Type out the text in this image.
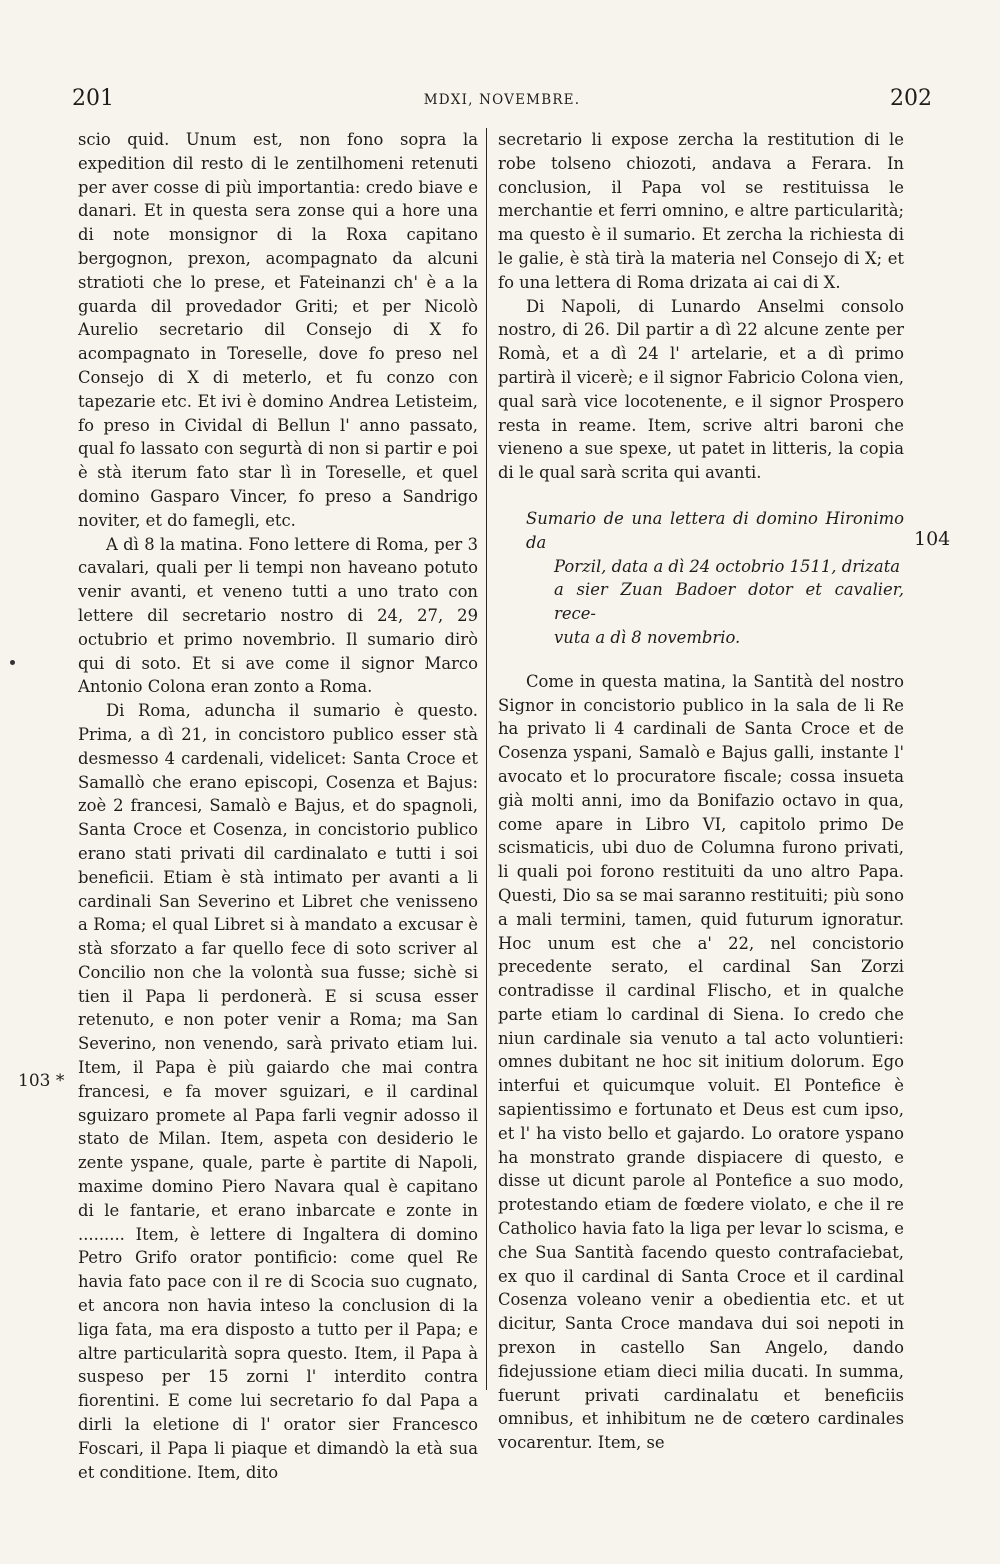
201	MDXI, NOVEMBRE.	202

scio quid. Unum est, non fono sopra la expedition dil resto di le zentilhomeni retenuti per aver cosse di più importantia: credo biave e danari. Et in questa sera zonse qui a hore una di note monsignor di la Roxa capitano bergognon, prexon, acompagnato da alcuni stratioti che lo prese, et Fateinanzi ch' è a la guarda dil provedador Griti; et per Nicolò Aurelio secretario dil Consejo di X fo acompagnato in Toreselle, dove fo preso nel Consejo di X di meterlo, et fu conzo con tapezarie etc. Et ivi è domino Andrea Letisteim, fo preso in Cividal di Bellun l' anno passato, qual fo lassato con segurtà di non si partir e poi è stà iterum fato star lì in Toreselle, et quel domino Gasparo Vincer, fo preso a Sandrigo noviter, et do famegli, etc.

A dì 8 la matina. Fono lettere di Roma, per 3 cavalari, quali per li tempi non haveano potuto venir avanti, et veneno tutti a uno trato con lettere dil secretario nostro di 24, 27, 29 octubrio et primo novembrio. Il sumario dirò qui di soto. Et si ave come il signor Marco Antonio Colona eran zonto a Roma.

Di Roma, aduncha il sumario è questo. Prima, a dì 21, in concistoro publico esser stà desmesso 4 cardenali, videlicet: Santa Croce et Samallò che erano episcopi, Cosenza et Bajus: zoè 2 francesi, Samalò e Bajus, et do spagnoli, Santa Croce et Cosenza, in concistorio publico erano stati privati dil cardinalato e tutti i soi beneficii. Etiam è stà intimato per avanti a li cardinali San Severino et Libret che venisseno a Roma; el qual Libret si à mandato a excusar è stà sforzato a far quello fece di soto scriver al Concilio non che la volontà sua fusse; sichè si tien il Papa li perdonerà. E si scusa esser retenuto, e non poter venir a Roma; ma San Severino, non venendo, sarà privato etiam lui. Item, il Papa è più gaiardo che mai contra francesi, e fa mover sguizari, e il cardinal sguizaro promete al Papa farli vegnir adosso il stato de Milan. Item, aspeta con desiderio le zente yspane, quale, parte è partite di Napoli, maxime domino Piero Navara qual è capitano di le fantarie, et erano inbarcate e zonte in ......... Item, è lettere di Ingaltera di domino Petro Grifo orator pontificio: come quel Re havia fato pace con il re di Scocia suo cugnato, et ancora non havia inteso la conclusion di la liga fata, ma era disposto a tutto per il Papa; e altre particularità sopra questo. Item, il Papa à suspeso per 15 zorni l' interdito contra fiorentini. E come lui secretario fo dal Papa a dirli la eletione di l' orator sier Francesco Foscari, il Papa li piaque et dimandò la età sua et conditione. Item, dito

secretario li expose zercha la restitution di le robe tolseno chiozoti, andava a Ferara. In conclusion, il Papa vol se restituissa le merchantie et ferri omnino, e altre particularità; ma questo è il sumario. Et zercha la richiesta di le galie, è stà tirà la materia nel Consejo di X; et fo una lettera di Roma drizata ai cai di X.

Di Napoli, di Lunardo Anselmi consolo nostro, di 26. Dil partir a dì 22 alcune zente per Romà, et a dì 24 l' artelarie, et a dì primo partirà il vicerè; e il signor Fabricio Colona vien, qual sarà vice locotenente, e il signor Prospero resta in reame. Item, scrive altri baroni che vieneno a sue spexe, ut patet in litteris, la copia di le qual sarà scrita qui avanti.

Sumario de una lettera di domino Hironimo da
Porzil, data a dì 24 octobrio 1511, drizata
a sier Zuan Badoer dotor et cavalier, rece-
vuta a dì 8 novembrio.

Come in questa matina, la Santità del nostro Signor in concistorio publico in la sala de li Re ha privato li 4 cardinali de Santa Croce et de Cosenza yspani, Samalò e Bajus galli, instante l' avocato et lo procuratore fiscale; cossa insueta già molti anni, imo da Bonifazio octavo in qua, come apare in Libro VI, capitolo primo De scismaticis, ubi duo de Columna furono privati, li quali poi forono restituiti da uno altro Papa. Questi, Dio sa se mai saranno restituiti; più sono a mali termini, tamen, quid futurum ignoratur. Hoc unum est che a' 22, nel concistorio precedente serato, el cardinal San Zorzi contradisse il cardinal Flischo, et in qualche parte etiam lo cardinal di Siena. Io credo che niun cardinale sia venuto a tal acto voluntieri: omnes dubitant ne hoc sit initium dolorum. Ego interfui et quicumque voluit. El Pontefice è sapientissimo e fortunato et Deus est cum ipso, et l' ha visto bello et gajardo. Lo oratore yspano ha monstrato grande dispiacere di questo, e disse ut dicunt parole al Pontefice a suo modo, protestando etiam de fœdere violato, e che il re Catholico havia fato la liga per levar lo scisma, e che Sua Santità facendo questo contrafaciebat, ex quo il cardinal di Santa Croce et il cardinal Cosenza voleano venir a obedientia etc. et ut dicitur, Santa Croce mandava dui soi nepoti in prexon in castello San Angelo, dando fidejussione etiam dieci milia ducati. In summa, fuerunt privati cardinalatu et beneficiis omnibus, et inhibitum ne de cœtero cardinales vocarentur. Item, se

104
103 *
